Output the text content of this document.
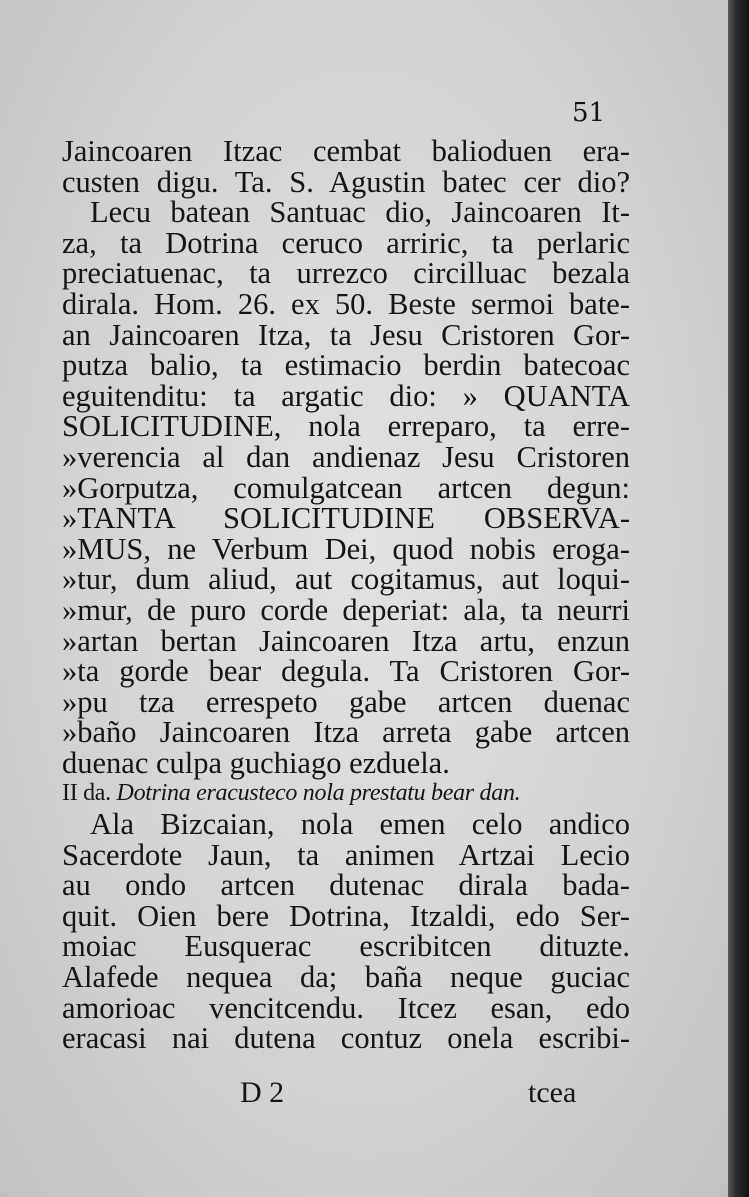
51
Jaincoaren Itzac cembat balioduen era-
custen digu. Ta. S. Agustin batec cer dio?
Lecu batean Santuac dio, Jaincoaren It-
za, ta Dotrina ceruco arriric, ta perlaric
preciatuenac, ta urrezco circilluac bezala
dirala. Hom. 26. ex 50. Beste sermoi bate-
an Jaincoaren Itza, ta Jesu Cristoren Gor-
putza balio, ta estimacio berdin batecoac
eguitenditu: ta argatic dio: » QUANTA
SOLICITUDINE, nola erreparo, ta erre-
»verencia al dan andienaz Jesu Cristoren
»Gorputza, comulgatcean artcen degun:
»TANTA SOLICITUDINE OBSERVA-
»MUS, ne Verbum Dei, quod nobis eroga-
»tur, dum aliud, aut cogitamus, aut loqui-
»mur, de puro corde deperiat: ala, ta neurri
»artan bertan Jaincoaren Itza artu, enzun
»ta gorde bear degula. Ta Cristoren Gor-
»pu tza errespeto gabe artcen duenac
»baño Jaincoaren Itza arreta gabe artcen
duenac culpa guchiago ezduela.
II da. Dotrina eracusteco nola prestatu bear dan.
Ala Bizcaian, nola emen celo andico
Sacerdote Jaun, ta animen Artzai Lecio
au ondo artcen dutenac dirala bada-
quit. Oien bere Dotrina, Itzaldi, edo Ser-
moiac Eusquerac escribitcen dituzte.
Alafede nequea da; baña neque guciac
amorioac vencitcendu. Itcez esan, edo
eracasi nai dutena contuz onela escribi-
D 2	tcea
